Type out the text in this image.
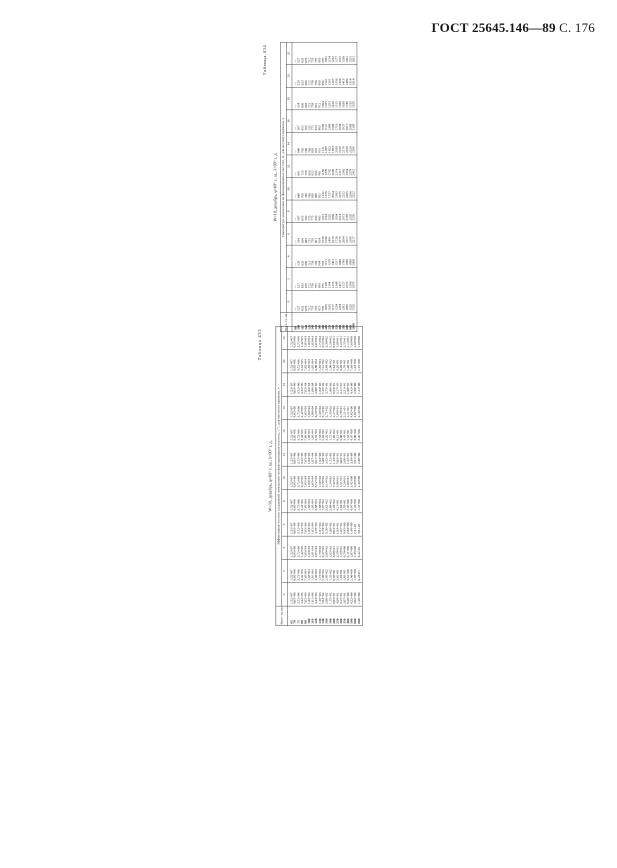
ГОСТ 25645.146—89 С. 176
Таблица 434
W=10, декабрь, φ=60° с. ш., λ=90° з. д.
Высо- та, км	Температура электронов на фиксированных высотах, К, для местного времени, ч											
	0	2	4	6	8	10	12	14	16	18	20	22
90	—	—	—	—	—	—	—	—	—	—	—	—
100	527	527	528	534	567	646	681	646	567	534	528	527
110	632	633	633	636	655	700	720	700	655	636	633	633
120	679	679	680	683	700	740	758	740	700	683	680	679
130	712	712	713	715	735	780	800	780	735	715	712	712
140	755	756	756	758	775	830	852	830	775	758	756	755
150	795	795	796	801	820	880	905	853	820	801	796	795
160	873	898	904	924	863	931	961	931	863	912	900	893
180	935	975	993	1038	1015	1132	1180	1121	1000	1004	982	970
200	1035	1105	1151	1286	1164	1376	1376	1289	1121	1165	1110	1081
250	1108	1194	1279	1491	1520	1737	1782	1625	1368	1293	1201	1154
300	1177	1273	1401	1618	1806	2054	2089	1883	1568	1416	1287	1222
350	1234	1348	1517	1726	1934	2163	2214	2038	1718	1515	1356	1277
400	1284	1417	1648	1875	2014	2235	2317	2130	1824	1586	1396	1312
500	1392	1527	1760	2004	2072	2252	2342	2178	1937	1638	1419	1336
600	1450	1570	1869	2117	2189	2265	2354	2188	2017	1740	1490	1431
800	1520	1596	1969	2189	2230	2286	2378	2228	2068	1729	1514	1531
1000	1520	1670	2006	2217	2230	2322	2415	2269	2109	1829	1614	1631
Таблица 435
W=10, декабрь, φ=60° с. ш., λ=90° з. д.
Высо- та, км	Эффективная частота соударений электронов на фиксированных высотах, с⁻¹, для местного времени, ч											
	0	2	4	6	8	10	12	14	16	18	20	22
65	1,52+07	1,52+07	1,52+07	1,52+07	1,52+07	1,52+07	1,52+07	1,52+07	1,52+07	1,52+07	1,52+07	1,52+07
70	8,05+06	8,05+06	8,05+06	8,05+06	8,05+06	8,05+06	8,05+06	8,05+06	8,05+06	8,05+06	8,05+06	8,05+06
75	3,72+06	3,72+06	3,72+06	3,72+06	3,72+06	3,72+06	3,72+06	3,72+06	3,72+06	3,72+06	3,72+06	3,72+06
80	3,42+05	3,42+05	3,42+05	3,42+05	3,42+05	3,42+05	3,42+05	3,42+05	3,42+05	3,42+05	3,42+05	3,42+05
90	7,05+04	7,05+04	7,05+04	7,05+04	7,05+04	7,05+04	7,05+04	7,05+04	7,05+04	7,05+04	7,05+04	7,05+04
100	1,83+04	1,83+04	1,83+04	1,83+04	1,83+04	1,83+04	1,83+04	1,83+04	1,83+04	1,83+04	1,83+04	1,83+04
110	1,01+04	1,01+04	1,01+04	1,01+04	1,05+04	1,05+04	1,07+04	1,05+04	1,06+04	1,06+04	1,05+04	1,03+04
120	3,43+03	3,49+03	3,65+03	3,78+03	3,88+03	3,52+03	3,61+03	3,52+03	3,23+03	3,80+03	3,80+03	3,63+03
130	1,59+03	1,73+03	1,78+03	1,81+03	1,88+03	1,59+03	1,63+03	1,58+03	1,49+03	1,83+03	1,83+03	1,74+03
140	5,83+02	5,90+02	6,47+02	6,79+02	7,07+02	5,76+02	5,88+02	5,62+02	5,14+02	7,35+02	7,12+02	6,55+02
160	2,86+02	2,85+02	3,09+02	3,16+02	3,62+02	3,14+02	3,52+02	3,32+02	2,71+02	3,75+02	3,49+02	3,38+02
180	1,75+02	1,55+02	1,65+02	1,60+02	2,08+02	1,54+02	1,72+02	1,72+02	1,33+02	1,86+02	1,90+02	2,20+02
200	9,05+01	8,83+01	8,99+01	9,03+01	1,20+02	7,32+01	1,33+02	1,66+02	1,27+02	8,93+01	7,04+01	8,60+01
250	4,69+01	3,01+01	2,59+01	1,84+01	4,13+01	5,90+01	7,05+01	9,15+01	7,08+01	5,17+01	4,26+01	5,89+01
300	3,15+01	1,94+01	1,58+01	1,67+01	2,62+01	1,51+01	4,04+01	5,80+01	2,78+01	3,11+01	3,09+01	4,22+01
350	2,07+01	1,02+01	9,78+00	9,45+00	1,59+01	1,20+01	2,66+01	3,45+01	2,21+01	2,31+01	1,70+01	2,55+01
400	9,20+00	5,51+00	4,11+00	2,83+00	7,35+00	1,09+01	1,35+01	1,54+01	1,11+01	1,90+01	1,20+01	1,14+01
500	4,52+00	2,80+00	2,07+00	1,48+00	4,07+00	3,42+00	3,39+00	4,87+00	4,02+00	8,42+00	7,69+00	7,69+00
600	2,02+00	1,95+00	1,35+00	7,31-01	2,29+00	2,83+00	3,91+00	3,80+00	3,02+00	2,90+00	1,94+00	2,60+00
800	1,26+00	8,28-01	6,42-01	4,81-01	1,47+00	2,39+00	2,86+00	3,20+00	2,10+00	1,41+00	1,25+00	1,68+00
